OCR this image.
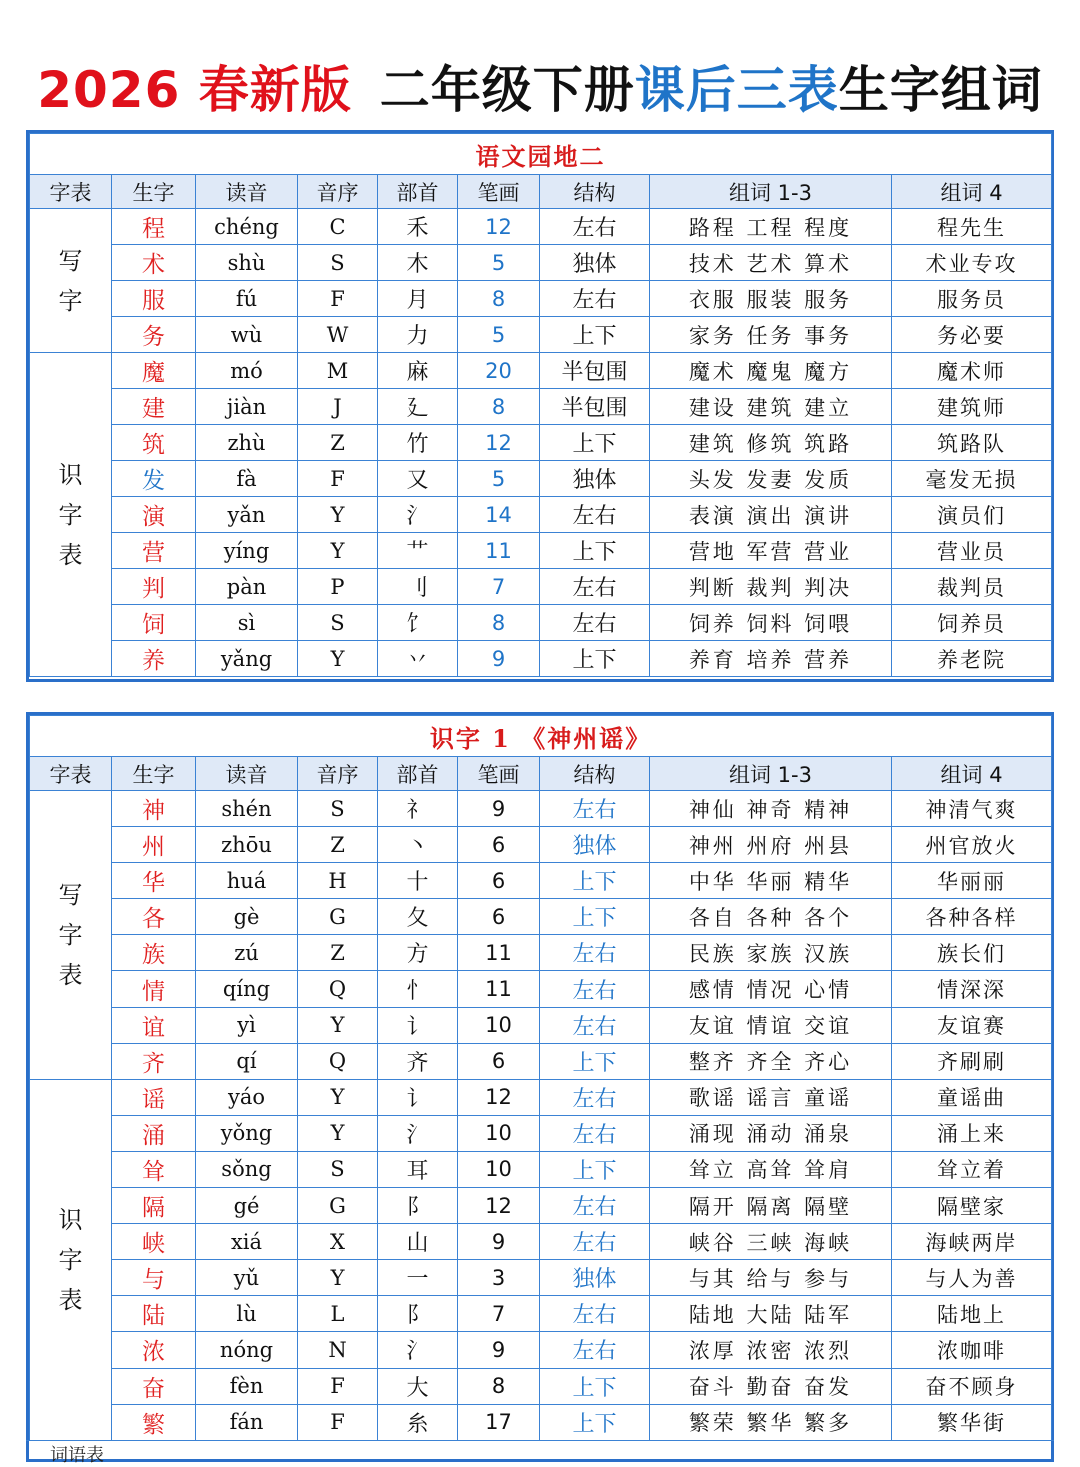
2026 春新版 二年级下册课后三表生字组词
语文园地二								
字表	生字	读音	音序	部首	笔画	结构	组词 1-3	组词 4
写
字	程	chéng	C	禾	12	左右	路程 工程 程度	程先生
	术	shù	S	木	5	独体	技术 艺术 算术	术业专攻
	服	fú	F	月	8	左右	衣服 服装 服务	服务员
	务	wù	W	力	5	上下	家务 任务 事务	务必要
识
字
表	魔	mó	M	麻	20	半包围	魔术 魔鬼 魔方	魔术师
	建	jiàn	J	廴	8	半包围	建设 建筑 建立	建筑师
	筑	zhù	Z	竹	12	上下	建筑 修筑 筑路	筑路队
	发	fà	F	又	5	独体	头发 发妻 发质	毫发无损
	演	yǎn	Y	氵	14	左右	表演 演出 演讲	演员们
	营	yíng	Y	艹	11	上下	营地 军营 营业	营业员
	判	pàn	P	刂	7	左右	判断 裁判 判决	裁判员
	饲	sì	S	饣	8	左右	饲养 饲料 饲喂	饲养员
	养	yǎng	Y	丷	9	上下	养育 培养 营养	养老院
识字 1 《神州谣》								
字表	生字	读音	音序	部首	笔画	结构	组词 1-3	组词 4
写
字
表	神	shén	S	礻	9	左右	神仙 神奇 精神	神清气爽
	州	zhōu	Z	丶	6	独体	神州 州府 州县	州官放火
	华	huá	H	十	6	上下	中华 华丽 精华	华丽丽
	各	gè	G	夂	6	上下	各自 各种 各个	各种各样
	族	zú	Z	方	11	左右	民族 家族 汉族	族长们
	情	qíng	Q	忄	11	左右	感情 情况 心情	情深深
	谊	yì	Y	讠	10	左右	友谊 情谊 交谊	友谊赛
	齐	qí	Q	齐	6	上下	整齐 齐全 齐心	齐刷刷
识
字
表	谣	yáo	Y	讠	12	左右	歌谣 谣言 童谣	童谣曲
	涌	yǒng	Y	氵	10	左右	涌现 涌动 涌泉	涌上来
	耸	sǒng	S	耳	10	上下	耸立 高耸 耸肩	耸立着
	隔	gé	G	阝	12	左右	隔开 隔离 隔壁	隔壁家
	峡	xiá	X	山	9	左右	峡谷 三峡 海峡	海峡两岸
	与	yǔ	Y	一	3	独体	与其 给与 参与	与人为善
	陆	lù	L	阝	7	左右	陆地 大陆 陆军	陆地上
	浓	nóng	N	氵	9	左右	浓厚 浓密 浓烈	浓咖啡
	奋	fèn	F	大	8	上下	奋斗 勤奋 奋发	奋不顾身
	繁	fán	F	糸	17	上下	繁荣 繁华 繁多	繁华街
词语表
